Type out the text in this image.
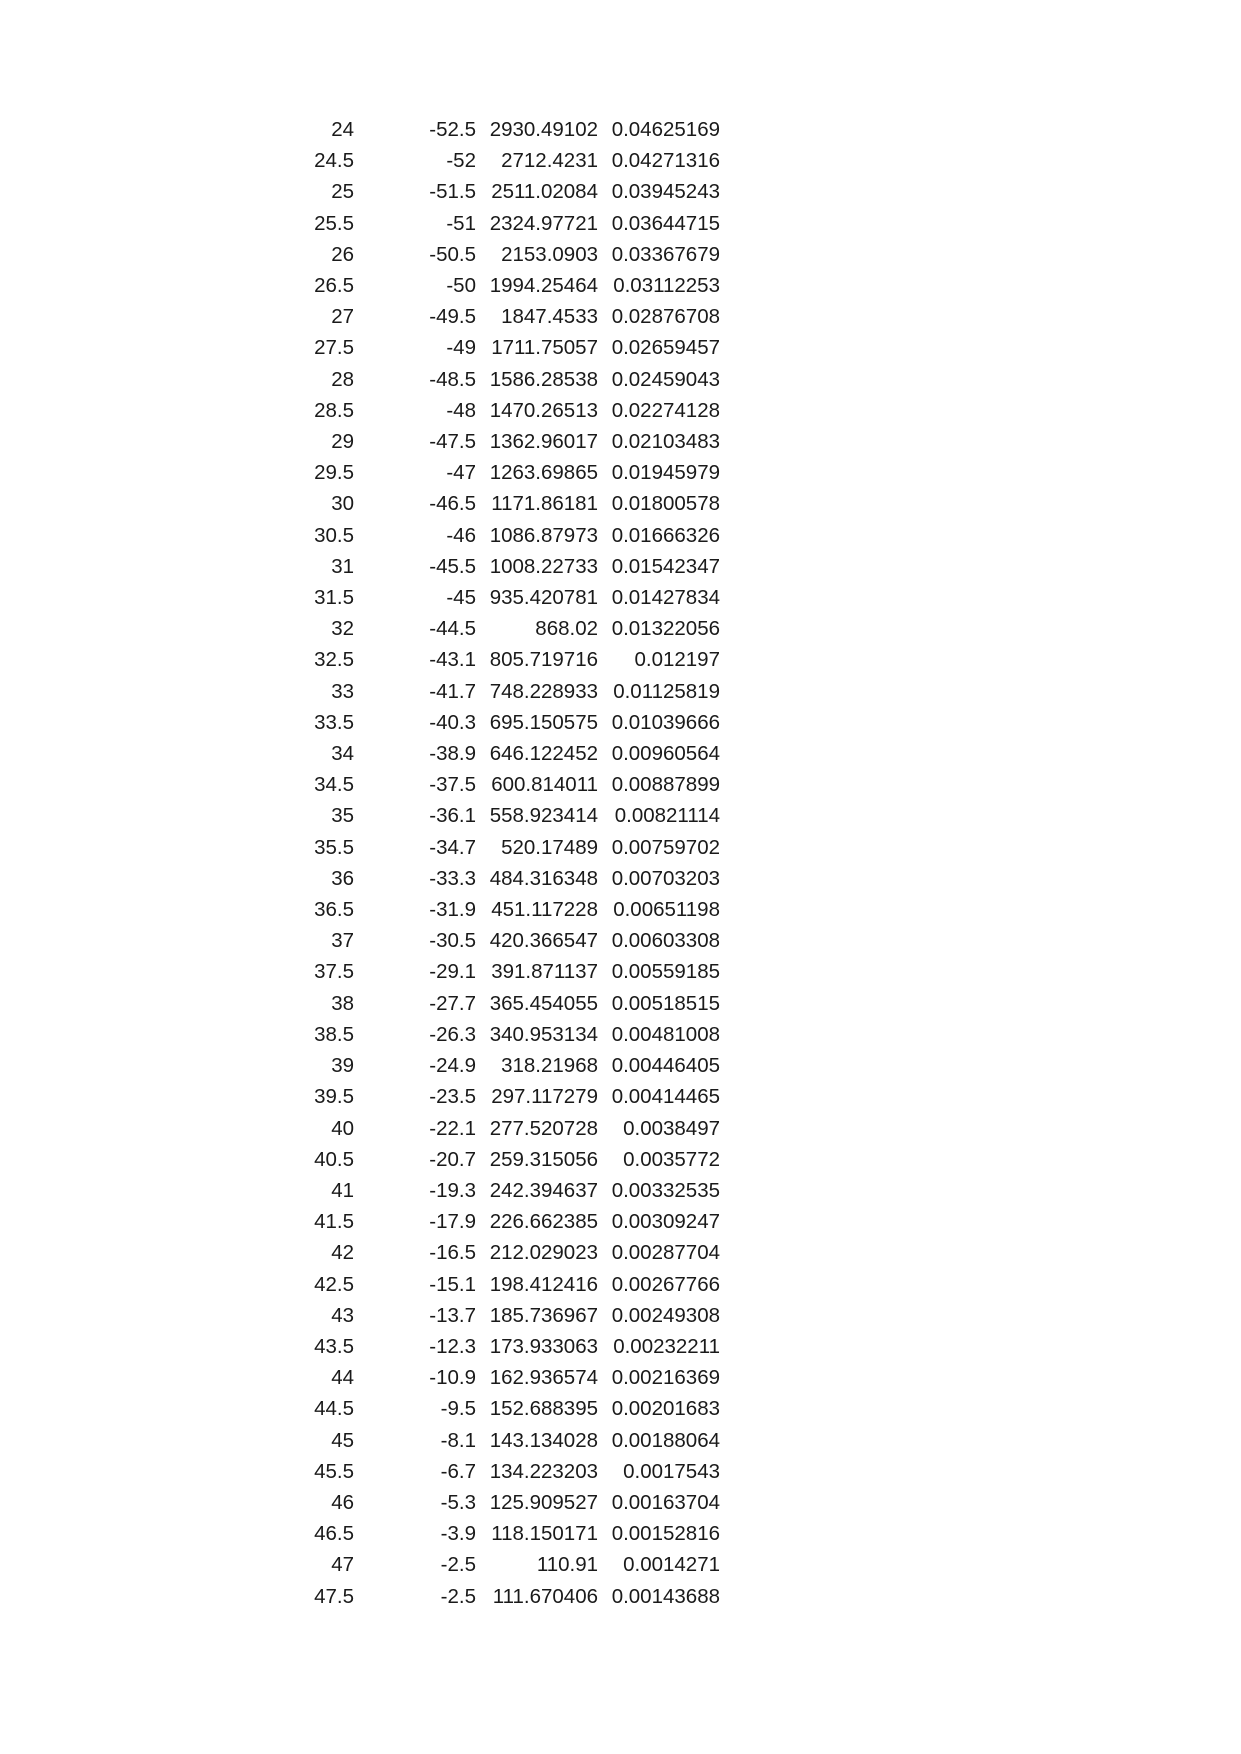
24	-52.5	2930.49102	0.04625169
24.5	-52	2712.4231	0.04271316
25	-51.5	2511.02084	0.03945243
25.5	-51	2324.97721	0.03644715
26	-50.5	2153.0903	0.03367679
26.5	-50	1994.25464	0.03112253
27	-49.5	1847.4533	0.02876708
27.5	-49	1711.75057	0.02659457
28	-48.5	1586.28538	0.02459043
28.5	-48	1470.26513	0.02274128
29	-47.5	1362.96017	0.02103483
29.5	-47	1263.69865	0.01945979
30	-46.5	1171.86181	0.01800578
30.5	-46	1086.87973	0.01666326
31	-45.5	1008.22733	0.01542347
31.5	-45	935.420781	0.01427834
32	-44.5	868.02	0.01322056
32.5	-43.1	805.719716	0.012197
33	-41.7	748.228933	0.01125819
33.5	-40.3	695.150575	0.01039666
34	-38.9	646.122452	0.00960564
34.5	-37.5	600.814011	0.00887899
35	-36.1	558.923414	0.00821114
35.5	-34.7	520.17489	0.00759702
36	-33.3	484.316348	0.00703203
36.5	-31.9	451.117228	0.00651198
37	-30.5	420.366547	0.00603308
37.5	-29.1	391.871137	0.00559185
38	-27.7	365.454055	0.00518515
38.5	-26.3	340.953134	0.00481008
39	-24.9	318.21968	0.00446405
39.5	-23.5	297.117279	0.00414465
40	-22.1	277.520728	0.0038497
40.5	-20.7	259.315056	0.0035772
41	-19.3	242.394637	0.00332535
41.5	-17.9	226.662385	0.00309247
42	-16.5	212.029023	0.00287704
42.5	-15.1	198.412416	0.00267766
43	-13.7	185.736967	0.00249308
43.5	-12.3	173.933063	0.00232211
44	-10.9	162.936574	0.00216369
44.5	-9.5	152.688395	0.00201683
45	-8.1	143.134028	0.00188064
45.5	-6.7	134.223203	0.0017543
46	-5.3	125.909527	0.00163704
46.5	-3.9	118.150171	0.00152816
47	-2.5	110.91	0.0014271
47.5	-2.5	111.670406	0.00143688
